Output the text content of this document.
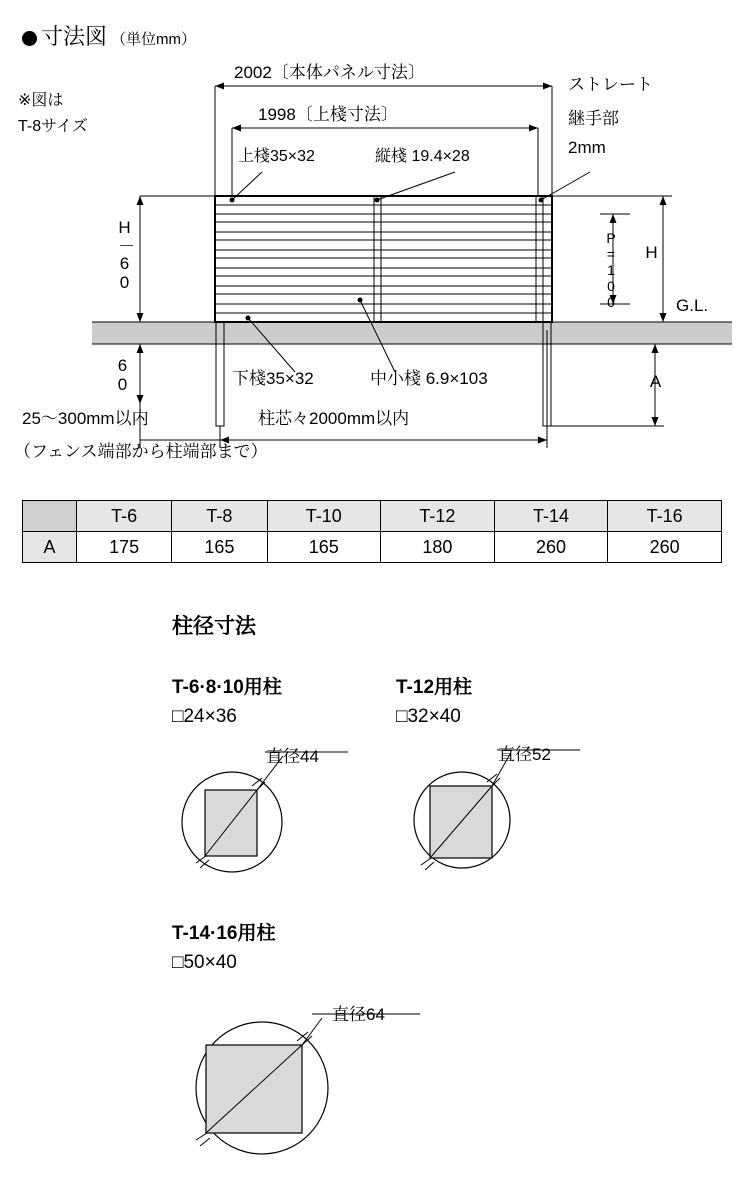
寸法図 （単位mm）
※図は
T-8サイズ
2002〔本体パネル寸法〕
1998〔上棧寸法〕
上棧35×32	縦棧 19.4×28
ストレート
継手部
2mm
H－60
60
P=100 H
G.L.
A
下棧35×32	中小棧 6.9×103
25〜300mm以内	柱芯々2000mm以内
（フェンス端部から柱端部まで）
	T-6	T-8	T-10	T-12	T-14	T-16
A	175	165	165	180	260	260
柱径寸法
T-6·8·10用柱
□24×36
直径44
T-12用柱
□32×40
直径52
T-14·16用柱
□50×40
直径64
